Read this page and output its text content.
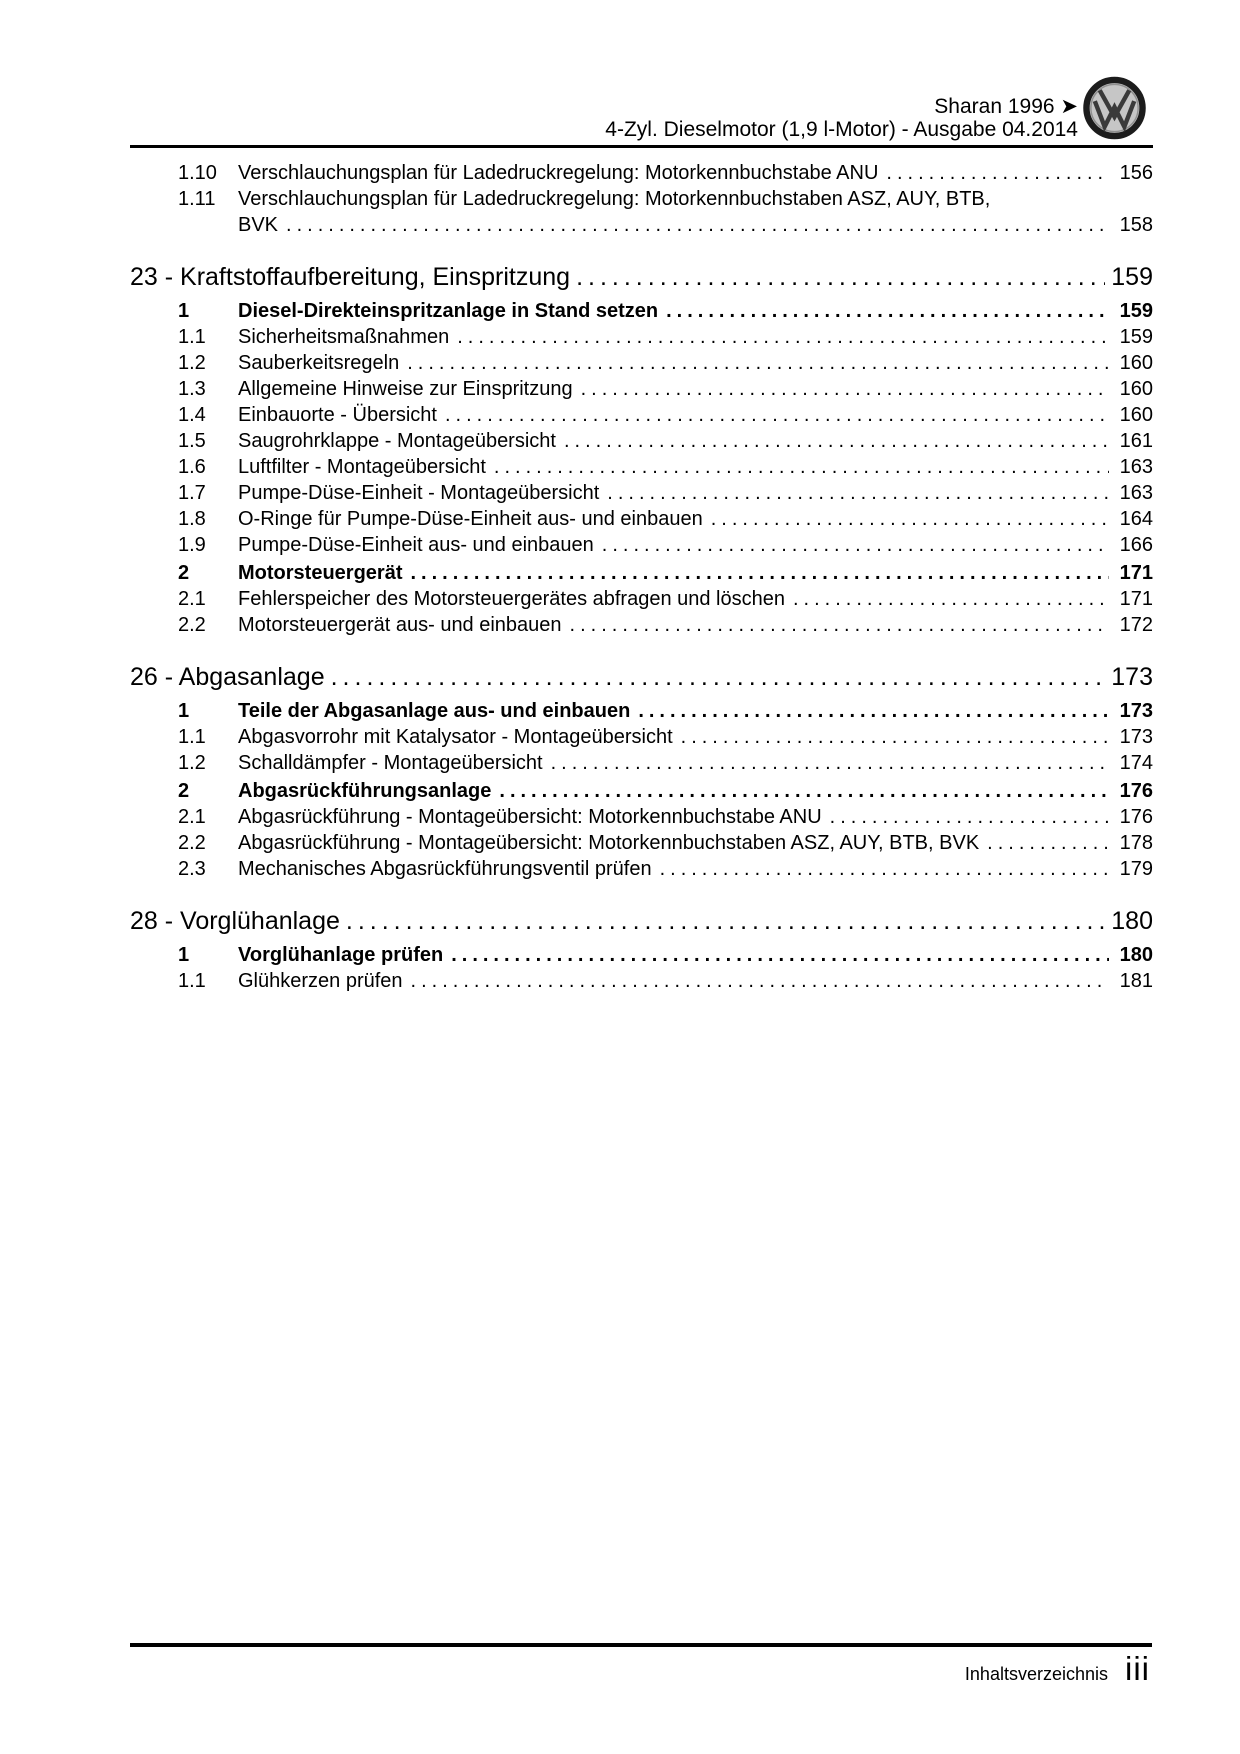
Sharan 1996 ➤
4-Zyl. Dieselmotor (1,9 l-Motor) - Ausgabe 04.2014
1.10	Verschlauchungsplan für Ladedruckregelung: Motorkennbuchstabe ANU .....	156
1.11	Verschlauchungsplan für Ladedruckregelung: Motorkennbuchstaben ASZ, AUY, BTB,
BVK .....	158
23 - Kraftstoffaufbereitung, Einspritzung .....	159
1	Diesel-Direkteinspritzanlage in Stand setzen .....	159
1.1	Sicherheitsmaßnahmen .....	159
1.2	Sauberkeitsregeln .....	160
1.3	Allgemeine Hinweise zur Einspritzung .....	160
1.4	Einbauorte - Übersicht .....	160
1.5	Saugrohrklappe - Montageübersicht .....	161
1.6	Luftfilter - Montageübersicht .....	163
1.7	Pumpe-Düse-Einheit - Montageübersicht .....	163
1.8	O-Ringe für Pumpe-Düse-Einheit aus- und einbauen .....	164
1.9	Pumpe-Düse-Einheit aus- und einbauen .....	166
2	Motorsteuergerät .....	171
2.1	Fehlerspeicher des Motorsteuergerätes abfragen und löschen .....	171
2.2	Motorsteuergerät aus- und einbauen .....	172
26 - Abgasanlage .....	173
1	Teile der Abgasanlage aus- und einbauen .....	173
1.1	Abgasvorrohr mit Katalysator - Montageübersicht .....	173
1.2	Schalldämpfer - Montageübersicht .....	174
2	Abgasrückführungsanlage .....	176
2.1	Abgasrückführung - Montageübersicht: Motorkennbuchstabe ANU .....	176
2.2	Abgasrückführung - Montageübersicht: Motorkennbuchstaben ASZ, AUY, BTB, BVK .....	178
2.3	Mechanisches Abgasrückführungsventil prüfen .....	179
28 - Vorglühanlage .....	180
1	Vorglühanlage prüfen .....	180
1.1	Glühkerzen prüfen .....	181
Inhaltsverzeichnis iii
